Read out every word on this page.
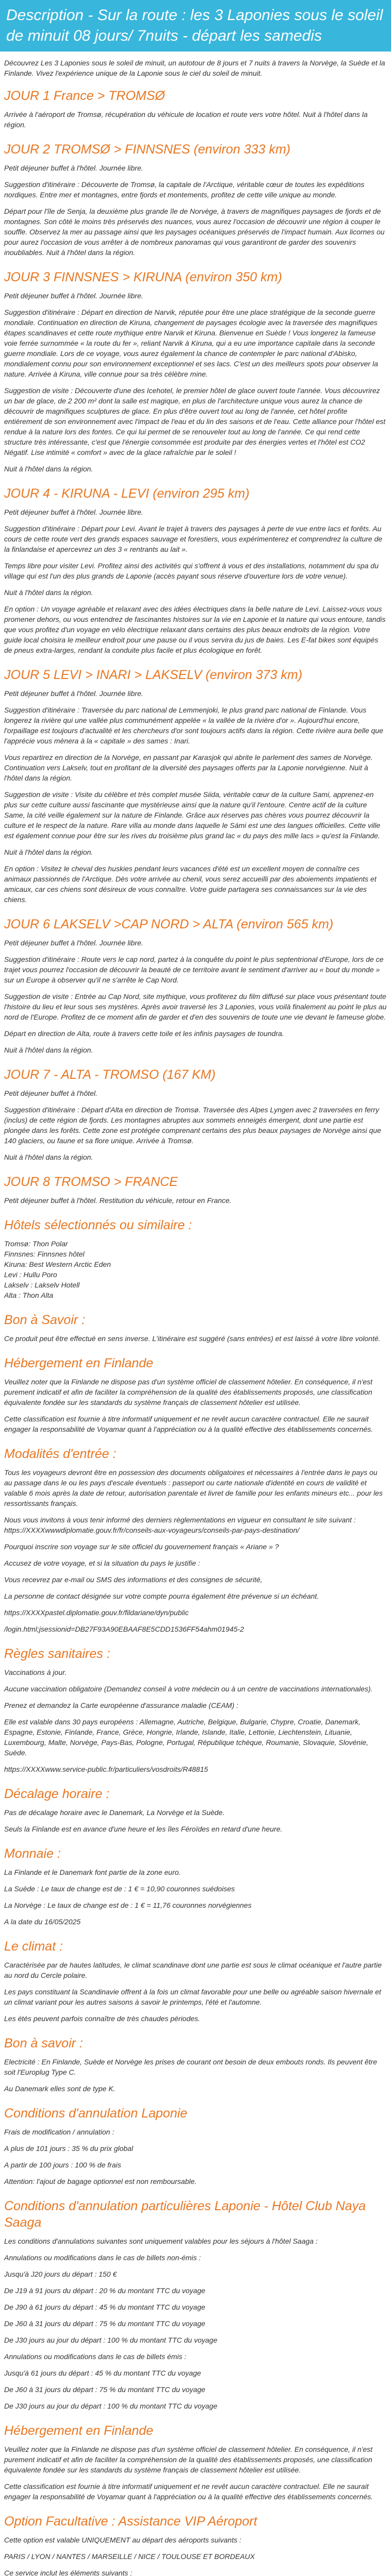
Description - Sur la route : les 3 Laponies sous le soleil de minuit 08 jours/ 7nuits - départ les samedis

Découvrez Les 3 Laponies sous le soleil de minuit, un autotour de 8 jours et 7 nuits à travers la Norvège, la Suède et la Finlande. Vivez l'expérience unique de la Laponie sous le ciel du soleil de minuit.

JOUR 1 France > TROMSØ

Arrivée à l'aéroport de Tromsø, récupération du véhicule de location et route vers votre hôtel. Nuit à l'hôtel dans la région.

JOUR 2 TROMSØ > FINNSNES (environ 333 km)

Petit déjeuner buffet à l'hôtel. Journée libre.

Suggestion d'itinéraire : Découverte de Tromsø, la capitale de l'Arctique, véritable cœur de toutes les expéditions nordiques. Entre mer et montagnes, entre fjords et montements, profitez de cette ville unique au monde.

Départ pour l'île de Senja, la deuxième plus grande île de Norvège, à travers de magnifiques paysages de fjords et de montagnes. Son côté le moins très préservés des nuances, vous aurez l'occasion de découvrir une région à couper le souffle. Observez la mer au passage ainsi que les paysages océaniques préservés de l'impact humain. Aux licornes ou pour aurez l'occasion de vous arrêter à de nombreux panoramas qui vous garantiront de garder des souvenirs inoubliables. Nuit à l'hôtel dans la région.

JOUR 3 FINNSNES > KIRUNA (environ 350 km)

Petit déjeuner buffet à l'hôtel. Journée libre.

Suggestion d'itinéraire : Départ en direction de Narvik, réputée pour être une place stratégique de la seconde guerre mondiale. Continuation en direction de Kiruna, changement de paysages écologie avec la traversée des magnifiques étapes scandinaves et cette route mythique entre Narvik et Kiruna. Bienvenue en Suède ! Vous longerez la fameuse voie ferrée surnommée « la route du fer », reliant Narvik à Kiruna, qui a eu une importance capitale dans la seconde guerre mondiale. Lors de ce voyage, vous aurez également la chance de contempler le parc national d'Abisko, mondialement connu pour son environnement exceptionnel et ses lacs. C'est un des meilleurs spots pour observer la nature. Arrivée à Kiruna, ville connue pour sa très célèbre mine.

Suggestion de visite : Découverte d'une des Icehotel, le premier hôtel de glace ouvert toute l'année. Vous découvrirez un bar de glace, de 2 200 m² dont la salle est magique, en plus de l'architecture unique vous aurez la chance de découvrir de magnifiques sculptures de glace. En plus d'être ouvert tout au long de l'année, cet hôtel profite entièrement de son environnement avec l'impact de l'eau et du lin des saisons et de l'eau. Cette alliance pour l'hôtel est rendue à la nature lors des fontes. Ce qui lui permet de se renouveler tout au long de l'année. Ce qui rend cette structure très intéressante, c'est que l'énergie consommée est produite par des énergies vertes et l'hôtel est CO2 Négatif. Lise intimité « comfort » avec de la glace rafraîchie par le soleil !

Nuit à l'hôtel dans la région.

JOUR 4 - KIRUNA - LEVI (environ 295 km)

Petit déjeuner buffet à l'hôtel. Journée libre.

Suggestion d'itinéraire : Départ pour Levi. Avant le trajet à travers des paysages à perte de vue entre lacs et forêts. Au cours de cette route vert des grands espaces sauvage et forestiers, vous expérimenterez et comprendrez la culture de la finlandaise et apercevrez un des 3 « rentrants au lait ».

Temps libre pour visiter Levi. Profitez ainsi des activités qui s'offrent à vous et des installations, notamment du spa du village qui est l'un des plus grands de Laponie (accès payant sous réserve d'ouverture lors de votre venue).

Nuit à l'hôtel dans la région.

En option : Un voyage agréable et relaxant avec des idées électriques dans la belle nature de Levi. Laissez-vous vous promener dehors, ou vous entendrez de fascinantes histoires sur la vie en Laponie et la nature qui vous entoure, tandis que vous profitez d'un voyage en vélo électrique relaxant dans certains des plus beaux endroits de la région. Votre guide local choisira le meilleur endroit pour une pause ou il vous servira du jus de baies. Les E-fat bikes sont équipés de pneus extra-larges, rendant la conduite plus facile et plus écologique en forêt.

JOUR 5 LEVI > INARI > LAKSELV (environ 373 km)

Petit déjeuner buffet à l'hôtel. Journée libre.

Suggestion d'itinéraire : Traversée du parc national de Lemmenjoki, le plus grand parc national de Finlande. Vous longerez la rivière qui une vallée plus communément appelée « la vallée de la rivière d'or ». Aujourd'hui encore, l'orpaillage est toujours d'actualité et les chercheurs d'or sont toujours actifs dans la région. Cette rivière aura belle que l'apprécie vous mènera à la « capitale » des sames : Inari.

Vous repartirez en direction de la Norvège, en passant par Karasjok qui abrite le parlement des sames de Norvège. Continuation vers Lakselv, tout en profitant de la diversité des paysages offerts par la Laponie norvégienne. Nuit à l'hôtel dans la région.

Suggestion de visite : Visite du célèbre et très complet musée Siida, véritable cœur de la culture Sami, apprenez-en plus sur cette culture aussi fascinante que mystérieuse ainsi que la nature qu'il l'entoure. Centre actif de la culture Same, la cité veille également sur la nature de Finlande. Grâce aux réserves pas chères vous pourrez découvrir la culture et le respect de la nature. Rare villa au monde dans laquelle le Sámi est une des langues officielles. Cette ville est également connue pour être sur les rives du troisième plus grand lac « du pays des mille lacs » qu'est la Finlande.

Nuit à l'hôtel dans la région.

En option : Visitez le cheval des huskies pendant leurs vacances d'été est un excellent moyen de connaître ces animaux passionnés de l'Arctique. Dès votre arrivée au chenil, vous serez accueilli par des aboiements impatients et amicaux, car ces chiens sont désireux de vous connaître. Votre guide partagera ses connaissances sur la vie des chiens.

JOUR 6 LAKSELV >CAP NORD > ALTA (environ 565 km)

Petit déjeuner buffet à l'hôtel. Journée libre.

Suggestion d'itinéraire : Route vers le cap nord, partez à la conquête du point le plus septentrional d'Europe, lors de ce trajet vous pourrez l'occasion de découvrir la beauté de ce territoire avant le sentiment d'arriver au « bout du monde » sur un Europe à observer qu'il ne s'arrête le Cap Nord.

Suggestion de visite : Entrée au Cap Nord, site mythique, vous profiterez du film diffusé sur place vous présentant toute l'histoire du lieu et leur sous ses mystères. Après avoir traversé les 3 Laponies, vous voilà finalement au point le plus au nord de l'Europe. Profitez de ce moment afin de garder et d'en des souvenirs de toute une vie devant le fameuse globe.

Départ en direction de Alta, route à travers cette toile et les infinis paysages de toundra.

Nuit à l'hôtel dans la région.

JOUR 7 - ALTA - TROMSO (167 KM)

Petit déjeuner buffet à l'hôtel.

Suggestion d'itinéraire : Départ d'Alta en direction de Tromsø. Traversée des Alpes Lyngen avec 2 traversées en ferry (inclus) de cette région de fjords. Les montagnes abruptes aux sommets enneigés émergent, dont une partie est plongée dans les forêts. Cette zone est protégée comprenant certains des plus beaux paysages de Norvège ainsi que 140 glaciers, ou faune et sa flore unique. Arrivée à Tromsø.

Nuit à l'hôtel dans la région.

JOUR 8 TROMSO > FRANCE

Petit déjeuner buffet à l'hôtel. Restitution du véhicule, retour en France.

Hôtels sélectionnés ou similaire :
Tromsø: Thon Polar
Finnsnes: Finnsnes hôtel
Kiruna: Best Western Arctic Eden
Levi : Hullu Poro
Lakselv : Lakselv Hotell
Alta : Thon Alta
Bon à Savoir :

Ce produit peut être effectué en sens inverse. L'itinéraire est suggéré (sans entrées) et est laissé à votre libre volonté.

Hébergement en Finlande

Veuillez noter que la Finlande ne dispose pas d'un système officiel de classement hôtelier. En conséquence, il n'est purement indicatif et afin de faciliter la compréhension de la qualité des établissements proposés, une classification équivalente fondée sur les standards du système français de classement hôtelier est utilisée.

Cette classification est fournie à titre informatif uniquement et ne revêt aucun caractère contractuel. Elle ne saurait engager la responsabilité de Voyamar quant à l'appréciation ou à la qualité effective des établissements concernés.

Modalités d'entrée :

Tous les voyageurs devront être en possession des documents obligatoires et nécessaires à l'entrée dans le pays ou au passage dans le ou les pays d'escale éventuels : passeport ou carte nationale d'identité en cours de validité et valable 6 mois après la date de retour, autorisation parentale et livret de famille pour les enfants mineurs etc... pour les ressortissants français.

Nous vous invitons à vous tenir informé des derniers règlementations en vigueur en consultant le site suivant : https://XXXXwwwdiplomatie.gouv.fr/fr/conseils-aux-voyageurs/conseils-par-pays-destination/

Pourquoi inscrire son voyage sur le site officiel du gouvernement français « Ariane » ?

Accusez de votre voyage, et si la situation du pays le justifie :

Vous recevrez par e-mail ou SMS des informations et des consignes de sécurité,

La personne de contact désignée sur votre compte pourra également être prévenue si un échéant.

https://XXXXpastel.diplomatie.gouv.fr/fildariane/dyn/public

/login.html;jsessionid=DB27F93A90EBAAF8E5CDD1536FF54ahm01945-2

Règles sanitaires :

Vaccinations à jour.

Aucune vaccination obligatoire (Demandez conseil à votre médecin ou à un centre de vaccinations internationales).

Prenez et demandez la Carte européenne d'assurance maladie (CEAM) :

Elle est valable dans 30 pays européens : Allemagne, Autriche, Belgique, Bulgarie, Chypre, Croatie, Danemark, Espagne, Estonie, Finlande, France, Grèce, Hongrie, Irlande, Islande, Italie, Lettonie, Liechtenstein, Lituanie, Luxembourg, Malte, Norvège, Pays-Bas, Pologne, Portugal, République tchèque, Roumanie, Slovaquie, Slovénie, Suède.

https://XXXXwww.service-public.fr/particuliers/vosdroits/R48815

Décalage horaire :

Pas de décalage horaire avec le Danemark, La Norvège et la Suède.

Seuls la Finlande est en avance d'une heure et les îles Féroïdes en retard d'une heure.

Monnaie :

La Finlande et le Danemark font partie de la zone euro.

La Suède : Le taux de change est de : 1 € = 10,90 couronnes suédoises

La Norvège : Le taux de change est de : 1 € = 11,76 couronnes norvégiennes

A la date du 16/05/2025

Le climat :

Caractérisée par de hautes latitudes, le climat scandinave dont une partie est sous le climat océanique et l'autre partie au nord du Cercle polaire.

Les pays constituant la Scandinavie offrent à la fois un climat favorable pour une belle ou agréable saison hivernale et un climat variant pour les autres saisons à savoir le printemps, l'été et l'automne.

Les étés peuvent parfois connaître de très chaudes périodes.

Bon à savoir :

Electricité : En Finlande, Suède et Norvège les prises de courant ont besoin de deux embouts ronds. Ils peuvent être soit l'Europlug Type C.

Au Danemark elles sont de type K.

Conditions d'annulation Laponie

Frais de modification / annulation :

A plus de 101 jours : 35 % du prix global

A partir de 100 jours : 100 % de frais

Attention: l'ajout de bagage optionnel est non remboursable.

Conditions d'annulation particulières Laponie - Hôtel Club Naya Saaga

Les conditions d'annulations suivantes sont uniquement valables pour les séjours à l'hôtel Saaga :

Annulations ou modifications dans le cas de billets non-émis :

Jusqu'à J20 jours du départ : 150 €

De J19 à 91 jours du départ : 20 % du montant TTC du voyage

De J90 à 61 jours du départ : 45 % du montant TTC du voyage

De J60 à 31 jours du départ : 75 % du montant TTC du voyage

De J30 jours au jour du départ : 100 % du montant TTC du voyage

Annulations ou modifications dans le cas de billets émis :

Jusqu'à 61 jours du départ : 45 % du montant TTC du voyage

De J60 à 31 jours du départ : 75 % du montant TTC du voyage

De J30 jours au jour du départ : 100 % du montant TTC du voyage

Hébergement en Finlande

Veuillez noter que la Finlande ne dispose pas d'un système officiel de classement hôtelier. En conséquence, il n'est purement indicatif et afin de faciliter la compréhension de la qualité des établissements proposés, une classification équivalente fondée sur les standards du système français de classement hôtelier est utilisée.

Cette classification est fournie à titre informatif uniquement et ne revêt aucun caractère contractuel. Elle ne saurait engager la responsabilité de Voyamar quant à l'appréciation ou à la qualité effective des établissements concernés.

Option Facultative : Assistance VIP Aéroport

Cette option est valable UNIQUEMENT au départ des aéroports suivants :

PARIS / LYON / NANTES / MARSEILLE / NICE / TOULOUSE ET BORDEAUX

Ce service inclut les éléments suivants :
